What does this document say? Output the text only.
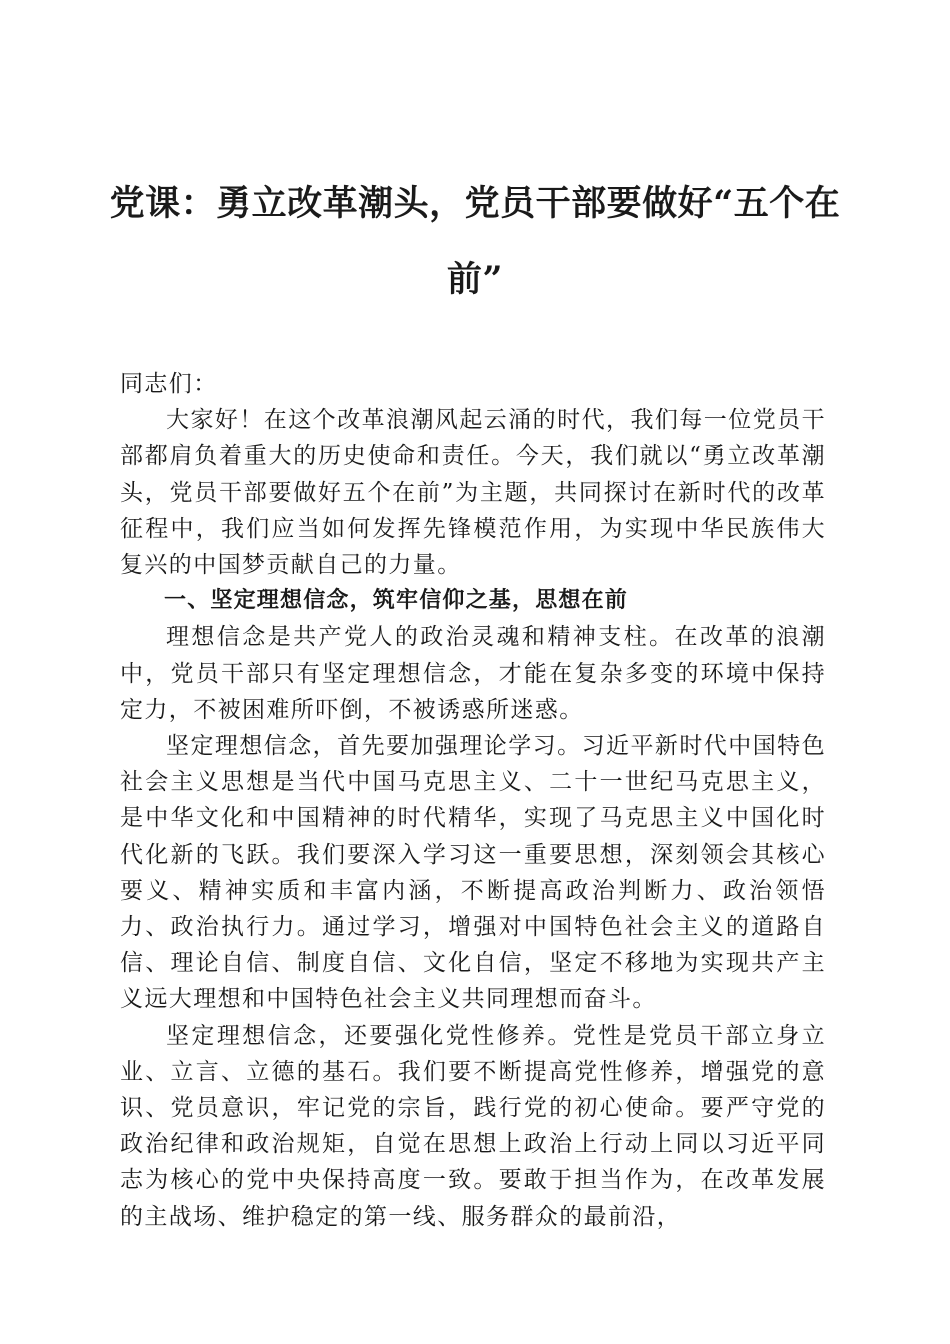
党课：勇立改革潮头，党员干部要做好“五个在前”

同志们：

大家好！在这个改革浪潮风起云涌的时代，我们每一位党员干部都肩负着重大的历史使命和责任。今天，我们就以“勇立改革潮头，党员干部要做好五个在前”为主题，共同探讨在新时代的改革征程中，我们应当如何发挥先锋模范作用，为实现中华民族伟大复兴的中国梦贡献自己的力量。

一、坚定理想信念，筑牢信仰之基，思想在前

理想信念是共产党人的政治灵魂和精神支柱。在改革的浪潮中，党员干部只有坚定理想信念，才能在复杂多变的环境中保持定力，不被困难所吓倒，不被诱惑所迷惑。

坚定理想信念，首先要加强理论学习。习近平新时代中国特色社会主义思想是当代中国马克思主义、二十一世纪马克思主义，是中华文化和中国精神的时代精华，实现了马克思主义中国化时代化新的飞跃。我们要深入学习这一重要思想，深刻领会其核心要义、精神实质和丰富内涵，不断提高政治判断力、政治领悟力、政治执行力。通过学习，增强对中国特色社会主义的道路自信、理论自信、制度自信、文化自信，坚定不移地为实现共产主义远大理想和中国特色社会主义共同理想而奋斗。

坚定理想信念，还要强化党性修养。党性是党员干部立身立业、立言、立德的基石。我们要不断提高党性修养，增强党的意识、党员意识，牢记党的宗旨，践行党的初心使命。要严守党的政治纪律和政治规矩，自觉在思想上政治上行动上同以习近平同志为核心的党中央保持高度一致。要敢于担当作为，在改革发展的主战场、维护稳定的第一线、服务群众的最前沿，
